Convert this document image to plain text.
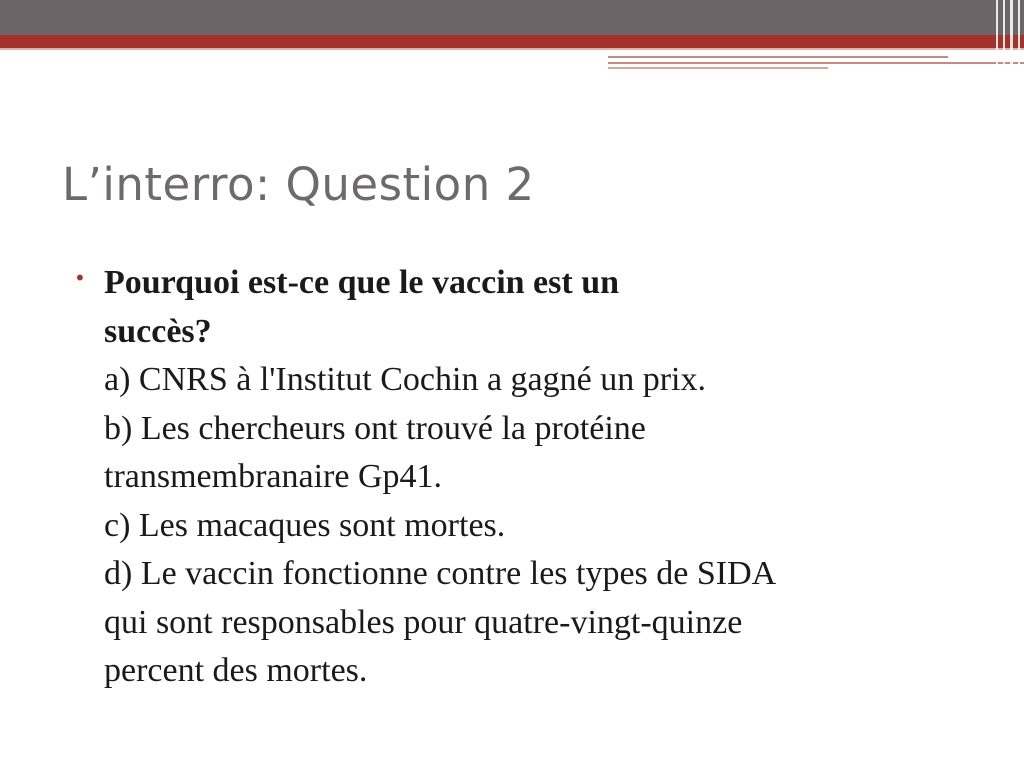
L’interro: Question 2
• Pourquoi est-ce que le vaccin est un
succès?
a) CNRS à l'Institut Cochin a gagné un prix.
b) Les chercheurs ont trouvé la protéine
transmembranaire Gp41.
c) Les macaques sont mortes.
d) Le vaccin fonctionne contre les types de SIDA
qui sont responsables pour quatre-vingt-quinze
percent des mortes.
